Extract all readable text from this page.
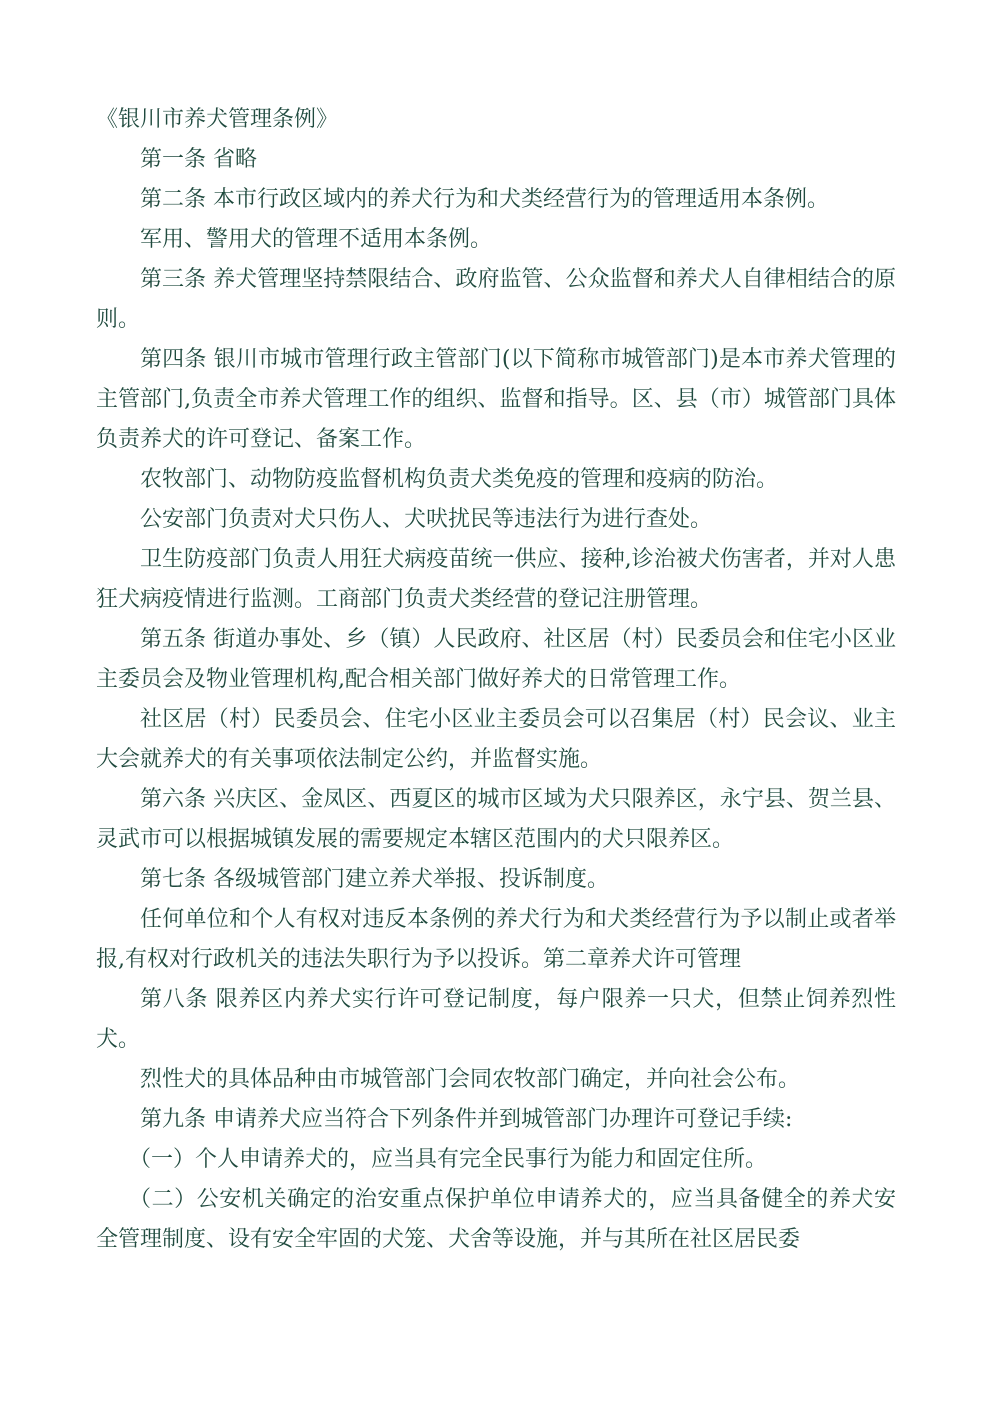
《银川市养犬管理条例》

第一条 省略

第二条 本市行政区域内的养犬行为和犬类经营行为的管理适用本条例。

军用、警用犬的管理不适用本条例。

第三条 养犬管理坚持禁限结合、政府监管、公众监督和养犬人自律相结合的原则。

第四条 银川市城市管理行政主管部门(以下简称市城管部门)是本市养犬管理的主管部门,负责全市养犬管理工作的组织、监督和指导。区、县（市）城管部门具体负责养犬的许可登记、备案工作。

农牧部门、动物防疫监督机构负责犬类免疫的管理和疫病的防治。

公安部门负责对犬只伤人、犬吠扰民等违法行为进行查处。

卫生防疫部门负责人用狂犬病疫苗统一供应、接种,诊治被犬伤害者，并对人患狂犬病疫情进行监测。工商部门负责犬类经营的登记注册管理。

第五条 街道办事处、乡（镇）人民政府、社区居（村）民委员会和住宅小区业主委员会及物业管理机构,配合相关部门做好养犬的日常管理工作。

社区居（村）民委员会、住宅小区业主委员会可以召集居（村）民会议、业主大会就养犬的有关事项依法制定公约，并监督实施。

第六条 兴庆区、金凤区、西夏区的城市区域为犬只限养区，永宁县、贺兰县、灵武市可以根据城镇发展的需要规定本辖区范围内的犬只限养区。

第七条 各级城管部门建立养犬举报、投诉制度。

任何单位和个人有权对违反本条例的养犬行为和犬类经营行为予以制止或者举报,有权对行政机关的违法失职行为予以投诉。第二章养犬许可管理

第八条 限养区内养犬实行许可登记制度，每户限养一只犬，但禁止饲养烈性犬。

烈性犬的具体品种由市城管部门会同农牧部门确定，并向社会公布。

第九条 申请养犬应当符合下列条件并到城管部门办理许可登记手续:

（一）个人申请养犬的，应当具有完全民事行为能力和固定住所。

（二）公安机关确定的治安重点保护单位申请养犬的，应当具备健全的养犬安全管理制度、设有安全牢固的犬笼、犬舍等设施，并与其所在社区居民委
